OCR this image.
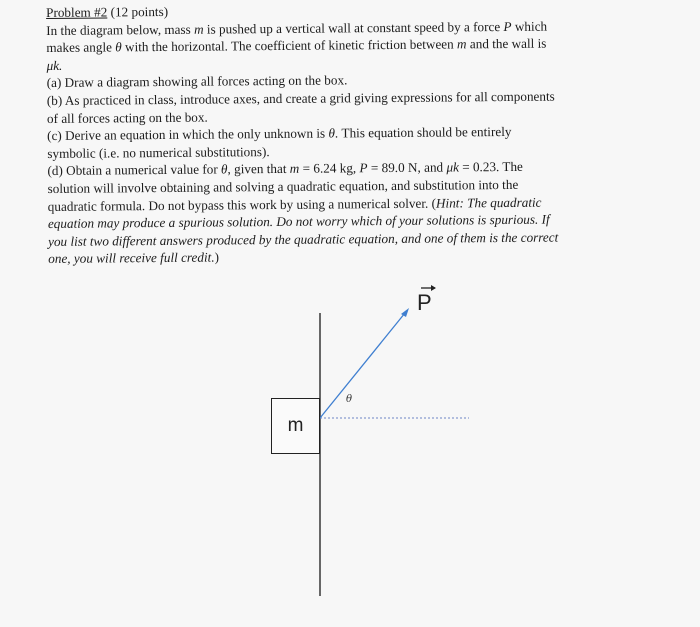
Problem #2 (12 points)
In the diagram below, mass m is pushed up a vertical wall at constant speed by a force P which
makes angle θ with the horizontal. The coefficient of kinetic friction between m and the wall is
μk.
(a) Draw a diagram showing all forces acting on the box.
(b) As practiced in class, introduce axes, and create a grid giving expressions for all components
of all forces acting on the box.
(c) Derive an equation in which the only unknown is θ. This equation should be entirely
symbolic (i.e. no numerical substitutions).
(d) Obtain a numerical value for θ, given that m = 6.24 kg, P = 89.0 N, and μk = 0.23. The
solution will involve obtaining and solving a quadratic equation, and substitution into the
quadratic formula. Do not bypass this work by using a numerical solver. (Hint: The quadratic
equation may produce a spurious solution. Do not worry which of your solutions is spurious. If
you list two different answers produced by the quadratic equation, and one of them is the correct
one, you will receive full credit.)
m
P
θ
